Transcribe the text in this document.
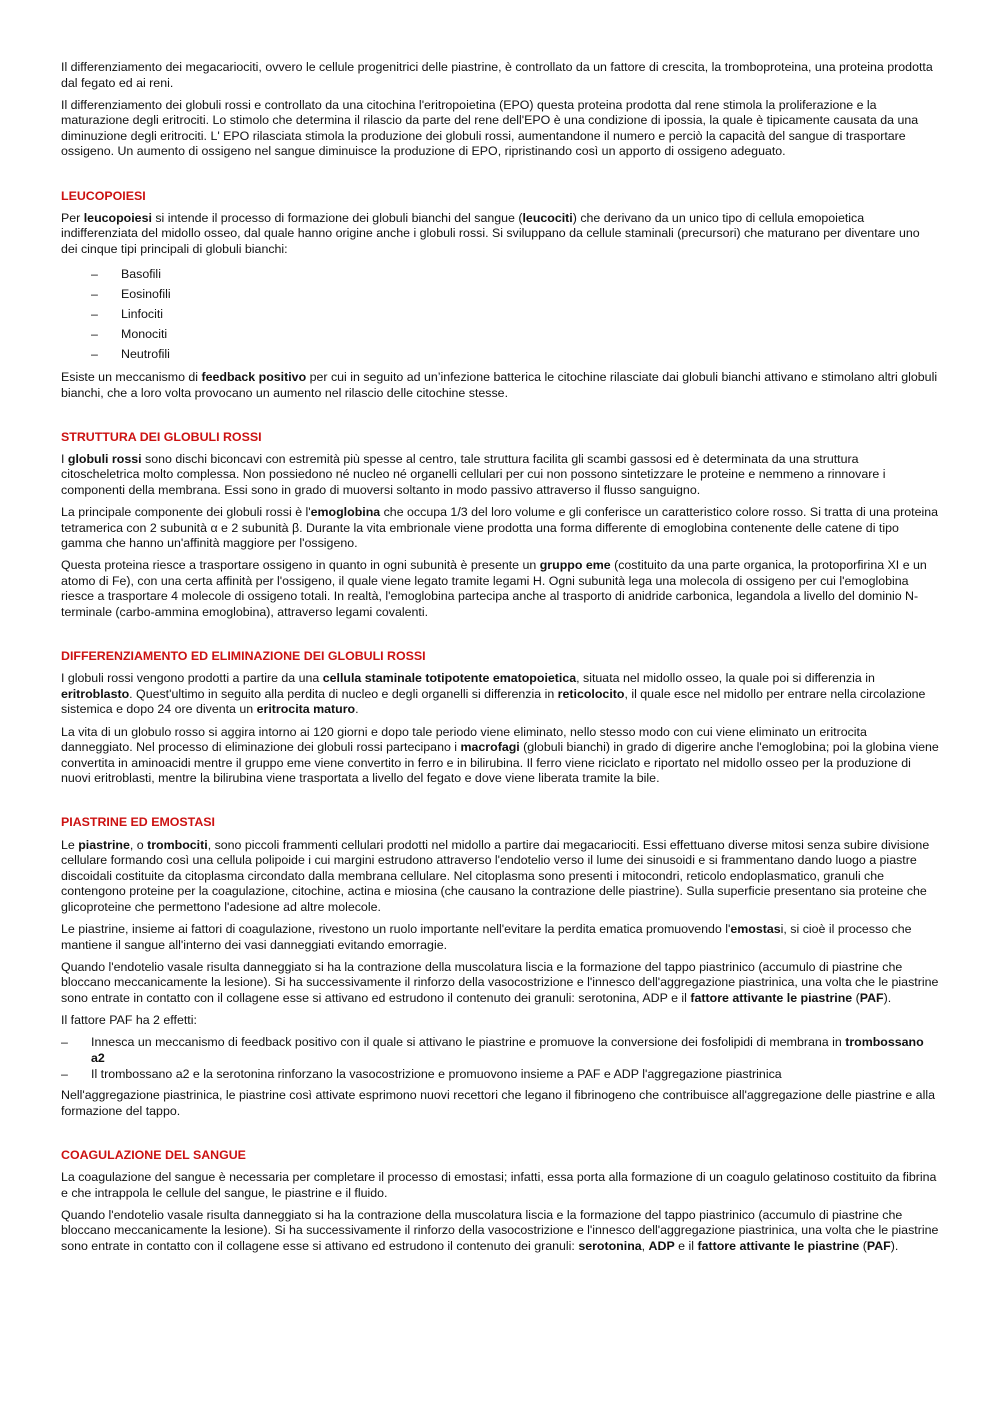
Il differenziamento dei megacariociti, ovvero le cellule progenitrici delle piastrine, è controllato da un fattore di crescita, la tromboproteina, una proteina prodotta dal fegato ed ai reni.

Il differenziamento dei globuli rossi e controllato da una citochina l'eritropoietina (EPO) questa proteina prodotta dal rene stimola la proliferazione e la maturazione degli eritrociti. Lo stimolo che determina il rilascio da parte del rene dell'EPO è una condizione di ipossia, la quale è tipicamente causata da una diminuzione degli eritrociti. L' EPO rilasciata stimola la produzione dei globuli rossi, aumentandone il numero e perciò la capacità del sangue di trasportare ossigeno. Un aumento di ossigeno nel sangue diminuisce la produzione di EPO, ripristinando così un apporto di ossigeno adeguato.

LEUCOPOIESI

Per leucopoiesi si intende il processo di formazione dei globuli bianchi del sangue (leucociti) che derivano da un unico tipo di cellula emopoietica indifferenziata del midollo osseo, dal quale hanno origine anche i globuli rossi. Si sviluppano da cellule staminali (precursori) che maturano per diventare uno dei cinque tipi principali di globuli bianchi:

– Basofili
– Eosinofili
– Linfociti
– Monociti
– Neutrofili

Esiste un meccanismo di feedback positivo per cui in seguito ad un’infezione batterica le citochine rilasciate dai globuli bianchi attivano e stimolano altri globuli bianchi, che a loro volta provocano un aumento nel rilascio delle citochine stesse.

STRUTTURA DEI GLOBULI ROSSI

I globuli rossi sono dischi biconcavi con estremità più spesse al centro, tale struttura facilita gli scambi gassosi ed è determinata da una struttura citoscheletrica molto complessa. Non possiedono né nucleo né organelli cellulari per cui non possono sintetizzare le proteine e nemmeno a rinnovare i componenti della membrana. Essi sono in grado di muoversi soltanto in modo passivo attraverso il flusso sanguigno.

La principale componente dei globuli rossi è l'emoglobina che occupa 1/3 del loro volume e gli conferisce un caratteristico colore rosso. Si tratta di una proteina tetramerica con 2 subunità α e 2 subunità β. Durante la vita embrionale viene prodotta una forma differente di emoglobina contenente delle catene di tipo gamma che hanno un'affinità maggiore per l'ossigeno.

Questa proteina riesce a trasportare ossigeno in quanto in ogni subunità è presente un gruppo eme (costituito da una parte organica, la protoporfirina XI e un atomo di Fe), con una certa affinità per l'ossigeno, il quale viene legato tramite legami H. Ogni subunità lega una molecola di ossigeno per cui l'emoglobina riesce a trasportare 4 molecole di ossigeno totali. In realtà, l'emoglobina partecipa anche al trasporto di anidride carbonica, legandola a livello del dominio N-terminale (carbo-ammina emoglobina), attraverso legami covalenti.

DIFFERENZIAMENTO ED ELIMINAZIONE DEI GLOBULI ROSSI

I globuli rossi vengono prodotti a partire da una cellula staminale totipotente ematopoietica, situata nel midollo osseo, la quale poi si differenzia in eritroblasto. Quest'ultimo in seguito alla perdita di nucleo e degli organelli si differenzia in reticolocito, il quale esce nel midollo per entrare nella circolazione sistemica e dopo 24 ore diventa un eritrocita maturo.

La vita di un globulo rosso si aggira intorno ai 120 giorni e dopo tale periodo viene eliminato, nello stesso modo con cui viene eliminato un eritrocita danneggiato. Nel processo di eliminazione dei globuli rossi partecipano i macrofagi (globuli bianchi) in grado di digerire anche l'emoglobina; poi la globina viene convertita in aminoacidi mentre il gruppo eme viene convertito in ferro e in bilirubina. Il ferro viene riciclato e riportato nel midollo osseo per la produzione di nuovi eritroblasti, mentre la bilirubina viene trasportata a livello del fegato e dove viene liberata tramite la bile.

PIASTRINE ED EMOSTASI

Le piastrine, o trombociti, sono piccoli frammenti cellulari prodotti nel midollo a partire dai megacariociti. Essi effettuano diverse mitosi senza subire divisione cellulare formando così una cellula polipoide i cui margini estrudono attraverso l'endotelio verso il lume dei sinusoidi e si frammentano dando luogo a piastre discoidali costituite da citoplasma circondato dalla membrana cellulare. Nel citoplasma sono presenti i mitocondri, reticolo endoplasmatico, granuli che contengono proteine per la coagulazione, citochine, actina e miosina (che causano la contrazione delle piastrine). Sulla superficie presentano sia proteine che glicoproteine che permettono l'adesione ad altre molecole.

Le piastrine, insieme ai fattori di coagulazione, rivestono un ruolo importante nell'evitare la perdita ematica promuovendo l'emostasi, si cioè il processo che mantiene il sangue all'interno dei vasi danneggiati evitando emorragie.

Quando l'endotelio vasale risulta danneggiato si ha la contrazione della muscolatura liscia e la formazione del tappo piastrinico (accumulo di piastrine che bloccano meccanicamente la lesione). Si ha successivamente il rinforzo della vasocostrizione e l'innesco dell'aggregazione piastrinica, una volta che le piastrine sono entrate in contatto con il collagene esse si attivano ed estrudono il contenuto dei granuli: serotonina, ADP e il fattore attivante le piastrine (PAF).

Il fattore PAF ha 2 effetti:

– Innesca un meccanismo di feedback positivo con il quale si attivano le piastrine e promuove la conversione dei fosfolipidi di membrana in trombossano a2
– Il trombossano a2 e la serotonina rinforzano la vasocostrizione e promuovono insieme a PAF e ADP l'aggregazione piastrinica

Nell'aggregazione piastrinica, le piastrine così attivate esprimono nuovi recettori che legano il fibrinogeno che contribuisce all'aggregazione delle piastrine e alla formazione del tappo.

COAGULAZIONE DEL SANGUE

La coagulazione del sangue è necessaria per completare il processo di emostasi; infatti, essa porta alla formazione di un coagulo gelatinoso costituito da fibrina e che intrappola le cellule del sangue, le piastrine e il fluido.

Quando l'endotelio vasale risulta danneggiato si ha la contrazione della muscolatura liscia e la formazione del tappo piastrinico (accumulo di piastrine che bloccano meccanicamente la lesione). Si ha successivamente il rinforzo della vasocostrizione e l'innesco dell'aggregazione piastrinica, una volta che le piastrine sono entrate in contatto con il collagene esse si attivano ed estrudono il contenuto dei granuli: serotonina, ADP e il fattore attivante le piastrine (PAF).
